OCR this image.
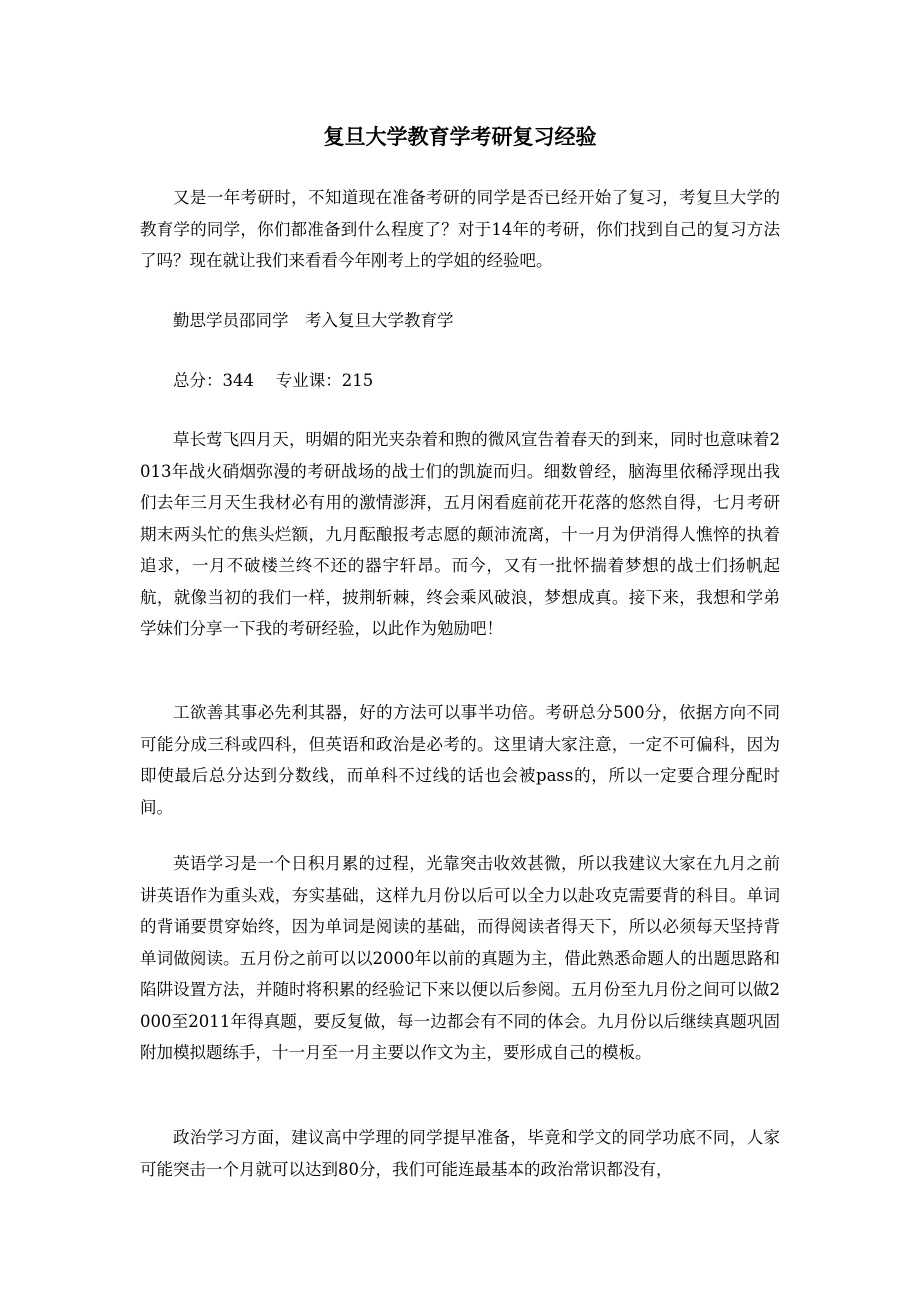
复旦大学教育学考研复习经验

又是一年考研时，不知道现在准备考研的同学是否已经开始了复习，考复旦大学的教育学的同学，你们都准备到什么程度了？对于14年的考研，你们找到自己的复习方法了吗？现在就让我们来看看今年刚考上的学姐的经验吧。

勤思学员邵同学　考入复旦大学教育学

总分：344　 专业课：215

草长莺飞四月天，明媚的阳光夹杂着和煦的微风宣告着春天的到来，同时也意味着2013年战火硝烟弥漫的考研战场的战士们的凯旋而归。细数曾经，脑海里依稀浮现出我们去年三月天生我材必有用的激情澎湃，五月闲看庭前花开花落的悠然自得，七月考研期末两头忙的焦头烂额，九月酝酿报考志愿的颠沛流离，十一月为伊消得人憔悴的执着追求，一月不破楼兰终不还的器宇轩昂。而今，又有一批怀揣着梦想的战士们扬帆起航，就像当初的我们一样，披荆斩棘，终会乘风破浪，梦想成真。接下来，我想和学弟学妹们分享一下我的考研经验，以此作为勉励吧！

工欲善其事必先利其器，好的方法可以事半功倍。考研总分500分，依据方向不同可能分成三科或四科，但英语和政治是必考的。这里请大家注意，一定不可偏科，因为即使最后总分达到分数线，而单科不过线的话也会被pass的，所以一定要合理分配时间。

英语学习是一个日积月累的过程，光靠突击收效甚微，所以我建议大家在九月之前讲英语作为重头戏，夯实基础，这样九月份以后可以全力以赴攻克需要背的科目。单词的背诵要贯穿始终，因为单词是阅读的基础，而得阅读者得天下，所以必须每天坚持背单词做阅读。五月份之前可以以2000年以前的真题为主，借此熟悉命题人的出题思路和陷阱设置方法，并随时将积累的经验记下来以便以后参阅。五月份至九月份之间可以做2000至2011年得真题，要反复做，每一边都会有不同的体会。九月份以后继续真题巩固附加模拟题练手，十一月至一月主要以作文为主，要形成自己的模板。

政治学习方面，建议高中学理的同学提早准备，毕竟和学文的同学功底不同，人家可能突击一个月就可以达到80分，我们可能连最基本的政治常识都没有，
